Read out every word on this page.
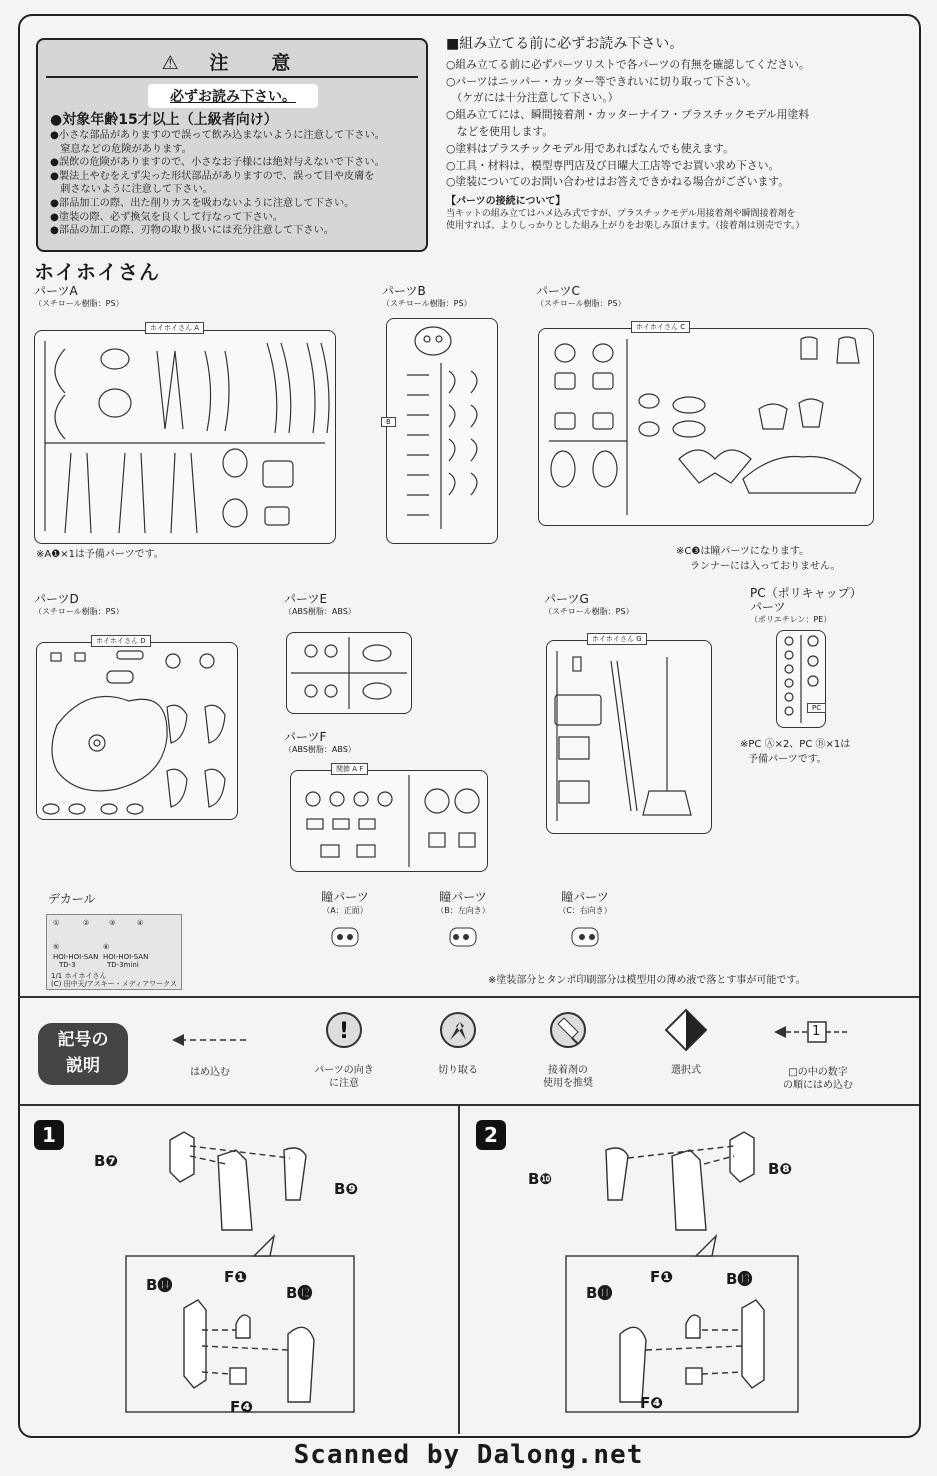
⚠ 注　意
必ずお読み下さい。
●対象年齢15才以上（上級者向け）
●小さな部品がありますので誤って飲み込まないように注意して下さい。
　窒息などの危険があります。
●誤飲の危険がありますので、小さなお子様には絶対与えないで下さい。
●製法上やむをえず尖った形状部品がありますので、誤って目や皮膚を
　刺さないように注意して下さい。
●部品加工の際、出た削りカスを吸わないように注意して下さい。
●塗装の際、必ず換気を良くして行なって下さい。
●部品の加工の際、刃物の取り扱いには充分注意して下さい。
■組み立てる前に必ずお読み下さい。
○組み立てる前に必ずパーツリストで各パーツの有無を確認してください。
○パーツはニッパー・カッター等できれいに切り取って下さい。
　（ケガには十分注意して下さい。）
○組み立てには、瞬間接着剤・カッターナイフ・プラスチックモデル用塗料
　などを使用します。
○塗料はプラスチックモデル用であればなんでも使えます。
○工具・材料は、模型専門店及び日曜大工店等でお買い求め下さい。
○塗装についてのお問い合わせはお答えできかねる場合がございます。
【パーツの接続について】
当キットの組み立てはハメ込み式ですが、プラスチックモデル用接着剤や瞬間接着剤を
使用すれば、よりしっかりとした組み上がりをお楽しみ頂けます。（接着剤は別売です。）
ホイホイさん
パーツA
（スチロール樹脂：PS）
ホイホイさん A
※A❶×1は予備パーツです。
パーツB
（スチロール樹脂：PS）
B
パーツC
（スチロール樹脂：PS）
ホイホイさん C
※C❸は瞳パーツになります。
ランナーには入っておりません。
パーツD
（スチロール樹脂：PS）
ホイホイさん D
パーツE
（ABS樹脂：ABS）
パーツF
（ABS樹脂：ABS）
関節 A F
パーツG
（スチロール樹脂：PS）
ホイホイさん G
PC（ポリキャップ）パーツ
（ポリエチレン：PE）
PC
※PC Ⓐ×2、PC Ⓑ×1は
予備パーツです。
デカール
①	②	③	④
⑤	⑥
HOI-HOI-SAN
TD-3
HOI-HOI-SAN
TD-3mini
1/1 ホイホイさん
(C) 田中天/アスキー・メディアワークス
瞳パーツ
（A：正面）
瞳パーツ
（B：左向き）
瞳パーツ
（C：右向き）
※塗装部分とタンポ印刷部分は模型用の薄め液で落とす事が可能です。
記号の
説明	はめ込む
!
パーツの向き
に注意
切り取る	接着剤の
使用を推奨
選択式
1
□の中の数字
の順にはめ込む
1
B❼
B❾
B⓮	F❶
B⓬
F❹
2
B❿
B❽
B⓫
F❶	B⓭
F❹
Scanned by Dalong.net
